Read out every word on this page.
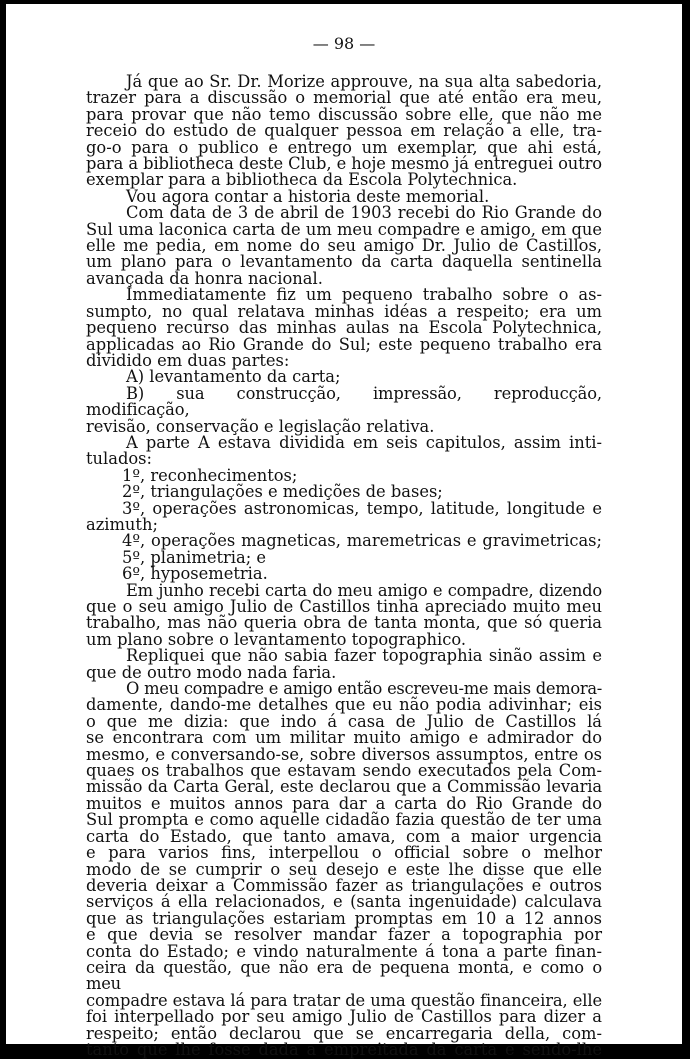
— 98 —

Já que ao Sr. Dr. Morize approuve, na sua alta sabedoria,

trazer para a discussão o memorial que até então era meu,

para provar que não temo discussão sobre elle, que não me

receio do estudo de qualquer pessoa em relação a elle, tra-

go-o para o publico e entrego um exemplar, que ahi está,

para a bibliotheca deste Club, e hoje mesmo já entreguei outro

exemplar para a bibliotheca da Escola Polytechnica.

Vou agora contar a historia deste memorial.

Com data de 3 de abril de 1903 recebi do Rio Grande do

Sul uma laconica carta de um meu compadre e amigo, em que

elle me pedia, em nome do seu amigo Dr. Julio de Castillos,

um plano para o levantamento da carta daquella sentinella

avançada da honra nacional.

Immediatamente fiz um pequeno trabalho sobre o as-

sumpto, no qual relatava minhas idéas a respeito; era um

pequeno recurso das minhas aulas na Escola Polytechnica,

applicadas ao Rio Grande do Sul; este pequeno trabalho era

dividido em duas partes:

A) levantamento da carta;

B) sua construcção, impressão, reproducção, modificação,

revisão, conservação e legislação relativa.

A parte A estava dividida em seis capitulos, assim inti-

tulados:

1º, reconhecimentos;

2º, triangulações e medições de bases;

3º, operações astronomicas, tempo, latitude, longitude e

azimuth;

4º, operações magneticas, maremetricas e gravimetricas;

5º, planimetria; e

6º, hyposemetria.

Em junho recebi carta do meu amigo e compadre, dizendo

que o seu amigo Julio de Castillos tinha apreciado muito meu

trabalho, mas não queria obra de tanta monta, que só queria

um plano sobre o levantamento topographico.

Repliquei que não sabia fazer topographia sinão assim e

que de outro modo nada faria.

O meu compadre e amigo então escreveu-me mais demora-

damente, dando-me detalhes que eu não podia adivinhar; eis

o que me dizia: que indo á casa de Julio de Castillos lá

se encontrara com um militar muito amigo e admirador do

mesmo, e conversando-se, sobre diversos assumptos, entre os

quaes os trabalhos que estavam sendo executados pela Com-

missão da Carta Geral, este declarou que a Commissão levaria

muitos e muitos annos para dar a carta do Rio Grande do

Sul prompta e como aquelle cidadão fazia questão de ter uma

carta do Estado, que tanto amava, com a maior urgencia

e para varios fins, interpellou o official sobre o melhor

modo de se cumprir o seu desejo e este lhe disse que elle

deveria deixar a Commissão fazer as triangulações e outros

serviços á ella relacionados, e (santa ingenuidade) calculava

que as triangulações estariam promptas em 10 a 12 annos

e que devia se resolver mandar fazer a topographia por

conta do Estado; e vindo naturalmente á tona a parte finan-

ceira da questão, que não era de pequena monta, e como o meu

compadre estava lá para tratar de uma questão financeira, elle

foi interpellado por seu amigo Julio de Castillos para dizer a

respeito; então declarou que se encarregaria della, com-

tanto que lhe fosse dada a empreitada da carta e sendo-lhe
